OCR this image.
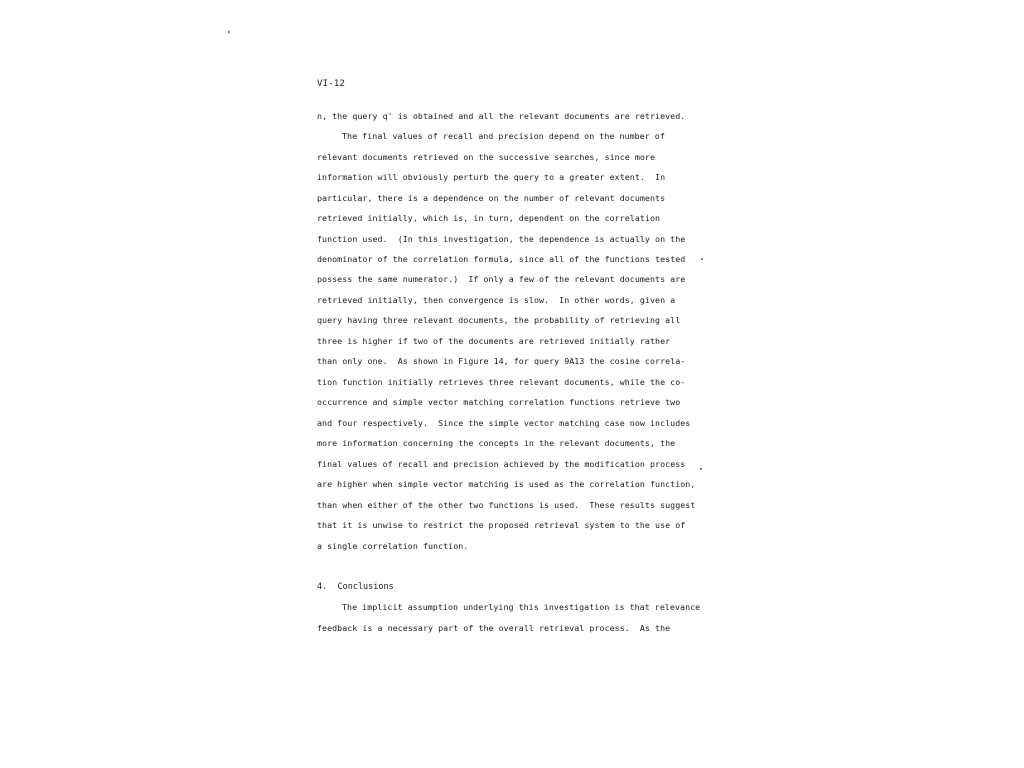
VI-12
n, the query q' is obtained and all the relevant documents are retrieved.
The final values of recall and precision depend on the number of
relevant documents retrieved on the successive searches, since more
information will obviously perturb the query to a greater extent.  In
particular, there is a dependence on the number of relevant documents
retrieved initially, which is, in turn, dependent on the correlation
function used.  (In this investigation, the dependence is actually on the
denominator of the correlation formula, since all of the functions tested
possess the same numerator.)  If only a few of the relevant documents are
retrieved initially, then convergence is slow.  In other words, given a
query having three relevant documents, the probability of retrieving all
three is higher if two of the documents are retrieved initially rather
than only one.  As shown in Figure 14, for query 9A13 the cosine correla-
tion function initially retrieves three relevant documents, while the co-
occurrence and simple vector matching correlation functions retrieve two
and four respectively.  Since the simple vector matching case now includes
more information concerning the concepts in the relevant documents, the
final values of recall and precision achieved by the modification process
are higher when simple vector matching is used as the correlation function,
than when either of the other two functions is used.  These results suggest
that it is unwise to restrict the proposed retrieval system to the use of
a single correlation function.
4.  Conclusions
The implicit assumption underlying this investigation is that relevance
feedback is a necessary part of the overall retrieval process.  As the
